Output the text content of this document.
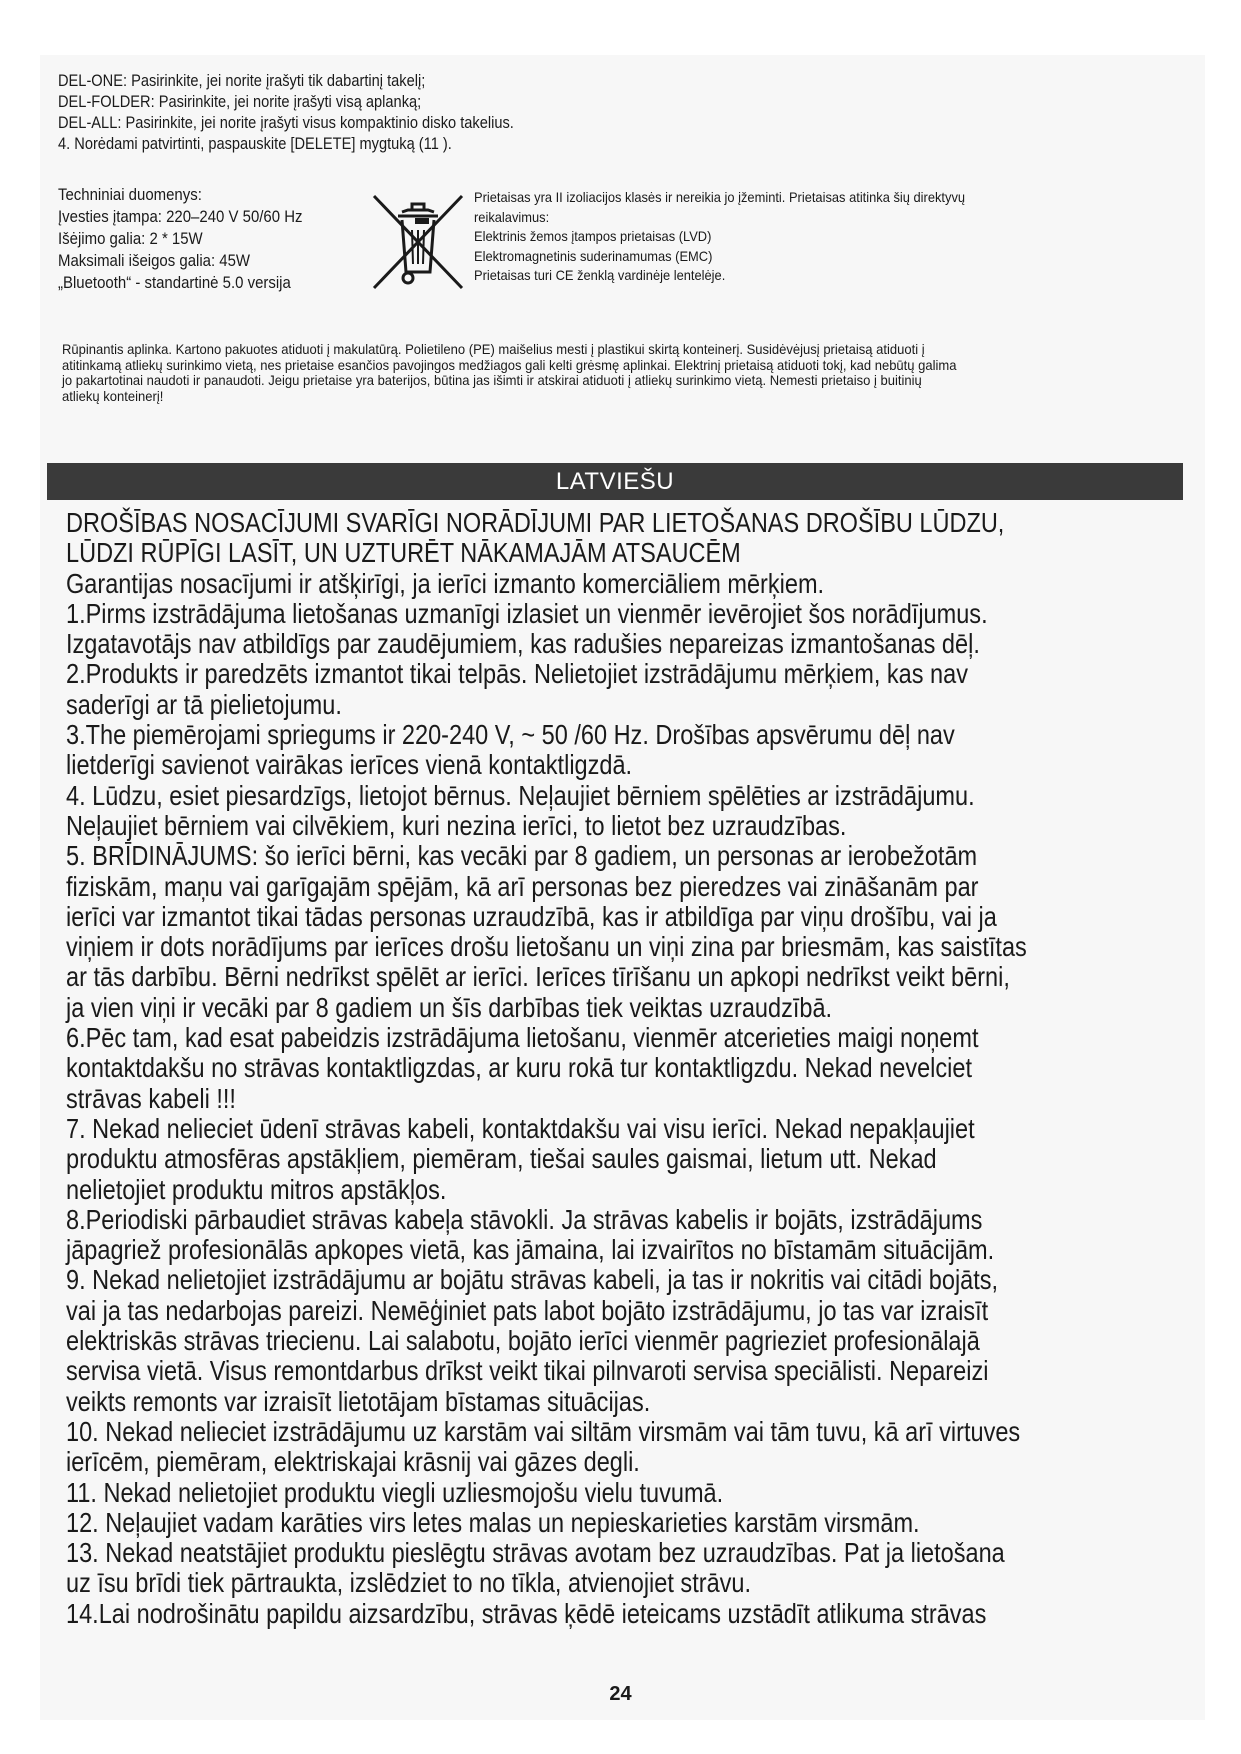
DEL-ONE: Pasirinkite, jei norite įrašyti tik dabartinį takelį;
DEL-FOLDER: Pasirinkite, jei norite įrašyti visą aplanką;
DEL-ALL: Pasirinkite, jei norite įrašyti visus kompaktinio disko takelius.
4. Norėdami patvirtinti, paspauskite [DELETE] mygtuką (11 ).
Techniniai duomenys:
Įvesties įtampa: 220–240 V 50/60 Hz
Išėjimo galia: 2 * 15W
Maksimali išeigos galia: 45W
„Bluetooth“ - standartinė 5.0 versija
Prietaisas yra II izoliacijos klasės ir nereikia jo įžeminti. Prietaisas atitinka šių direktyvų
reikalavimus:
Elektrinis žemos įtampos prietaisas (LVD)
Elektromagnetinis suderinamumas (EMC)
Prietaisas turi CE ženklą vardinėje lentelėje.
Rūpinantis aplinka. Kartono pakuotes atiduoti į makulatūrą. Polietileno (PE) maišelius mesti į plastikui skirtą konteinerį. Susidėvėjusį prietaisą atiduoti į
atitinkamą atliekų surinkimo vietą, nes prietaise esančios pavojingos medžiagos gali kelti grėsmę aplinkai. Elektrinį prietaisą atiduoti tokį, kad nebūtų galima
jo pakartotinai naudoti ir panaudoti. Jeigu prietaise yra baterijos, būtina jas išimti ir atskirai atiduoti į atliekų surinkimo vietą. Nemesti prietaiso į buitinių
atliekų konteinerį!
LATVIEŠU
DROŠĪBAS NOSACĪJUMI SVARĪGI NORĀDĪJUMI PAR LIETOŠANAS DROŠĪBU LŪDZU,
LŪDZI RŪPĪGI LASĪT, UN UZTURĒT NĀKAMAJĀM ATSAUCĒM
Garantijas nosacījumi ir atšķirīgi, ja ierīci izmanto komerciāliem mērķiem.
1.Pirms izstrādājuma lietošanas uzmanīgi izlasiet un vienmēr ievērojiet šos norādījumus.
Izgatavotājs nav atbildīgs par zaudējumiem, kas radušies nepareizas izmantošanas dēļ.
2.Produkts ir paredzēts izmantot tikai telpās. Nelietojiet izstrādājumu mērķiem, kas nav
saderīgi ar tā pielietojumu.
3.The piemērojami spriegums ir 220-240 V, ~ 50 /60 Hz. Drošības apsvērumu dēļ nav
lietderīgi savienot vairākas ierīces vienā kontaktligzdā.
4. Lūdzu, esiet piesardzīgs, lietojot bērnus. Neļaujiet bērniem spēlēties ar izstrādājumu.
Neļaujiet bērniem vai cilvēkiem, kuri nezina ierīci, to lietot bez uzraudzības.
5. BRĪDINĀJUMS: šo ierīci bērni, kas vecāki par 8 gadiem, un personas ar ierobežotām
fiziskām, maņu vai garīgajām spējām, kā arī personas bez pieredzes vai zināšanām par
ierīci var izmantot tikai tādas personas uzraudzībā, kas ir atbildīga par viņu drošību, vai ja
viņiem ir dots norādījums par ierīces drošu lietošanu un viņi zina par briesmām, kas saistītas
ar tās darbību. Bērni nedrīkst spēlēt ar ierīci. Ierīces tīrīšanu un apkopi nedrīkst veikt bērni,
ja vien viņi ir vecāki par 8 gadiem un šīs darbības tiek veiktas uzraudzībā.
6.Pēc tam, kad esat pabeidzis izstrādājuma lietošanu, vienmēr atcerieties maigi noņemt
kontaktdakšu no strāvas kontaktligzdas, ar kuru rokā tur kontaktligzdu. Nekad nevelciet
strāvas kabeli !!!
7. Nekad nelieciet ūdenī strāvas kabeli, kontaktdakšu vai visu ierīci. Nekad nepakļaujiet
produktu atmosfēras apstākļiem, piemēram, tiešai saules gaismai, lietum utt. Nekad
nelietojiet produktu mitros apstākļos.
8.Periodiski pārbaudiet strāvas kabeļa stāvokli. Ja strāvas kabelis ir bojāts, izstrādājums
jāpagriež profesionālās apkopes vietā, kas jāmaina, lai izvairītos no bīstamām situācijām.
9. Nekad nelietojiet izstrādājumu ar bojātu strāvas kabeli, ja tas ir nokritis vai citādi bojāts,
vai ja tas nedarbojas pareizi. Neмēģiniet pats labot bojāto izstrādājumu, jo tas var izraisīt
elektriskās strāvas triecienu. Lai salabotu, bojāto ierīci vienmēr pagrieziet profesionālajā
servisa vietā. Visus remontdarbus drīkst veikt tikai pilnvaroti servisa speciālisti. Nepareizi
veikts remonts var izraisīt lietotājam bīstamas situācijas.
10. Nekad nelieciet izstrādājumu uz karstām vai siltām virsmām vai tām tuvu, kā arī virtuves
ierīcēm, piemēram, elektriskajai krāsnij vai gāzes degli.
11. Nekad nelietojiet produktu viegli uzliesmojošu vielu tuvumā.
12. Neļaujiet vadam karāties virs letes malas un nepieskarieties karstām virsmām.
13. Nekad neatstājiet produktu pieslēgtu strāvas avotam bez uzraudzības. Pat ja lietošana
uz īsu brīdi tiek pārtraukta, izslēdziet to no tīkla, atvienojiet strāvu.
14.Lai nodrošinātu papildu aizsardzību, strāvas ķēdē ieteicams uzstādīt atlikuma strāvas
24
